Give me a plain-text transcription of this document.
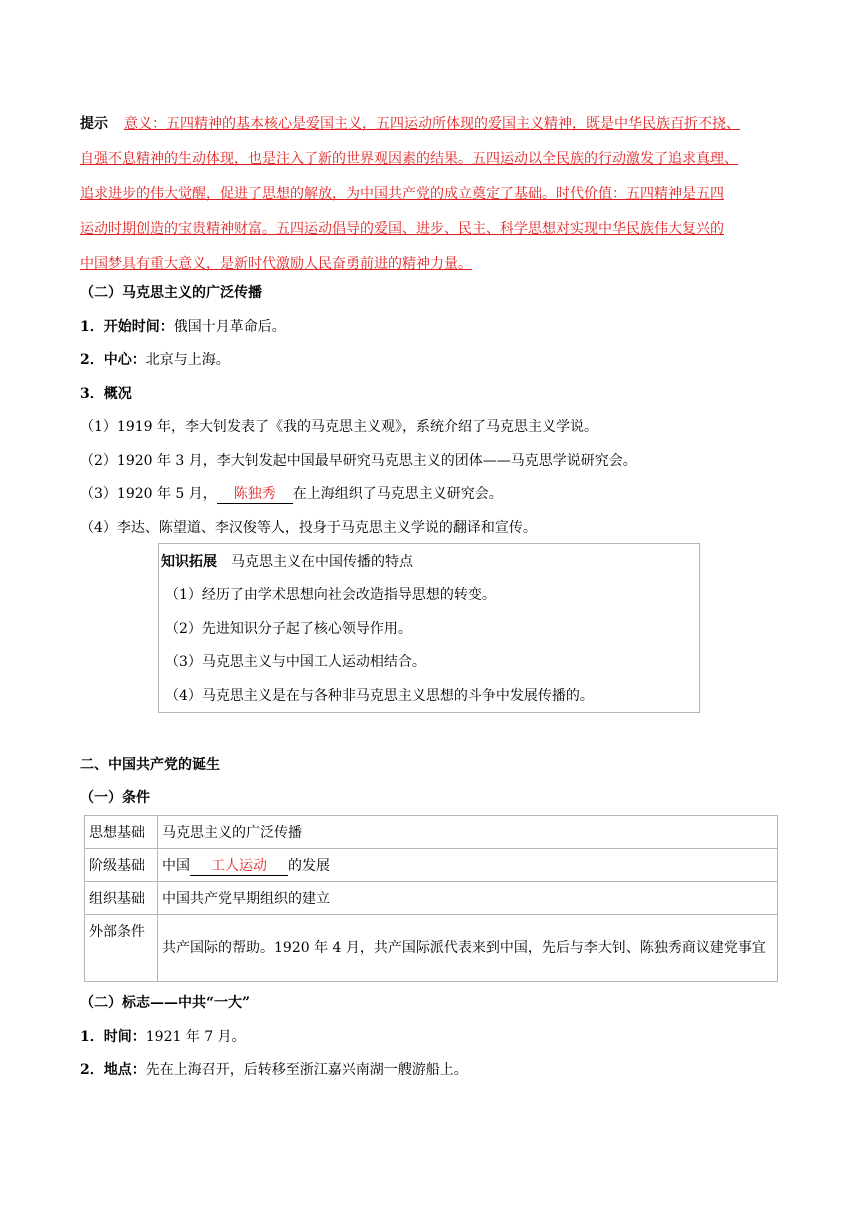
提示 意义：五四精神的基本核心是爱国主义，五四运动所体现的爱国主义精神，既是中华民族百折不挠、
自强不息精神的生动体现，也是注入了新的世界观因素的结果。五四运动以全民族的行动激发了追求真理、
追求进步的伟大觉醒，促进了思想的解放，为中国共产党的成立奠定了基础。时代价值：五四精神是五四
运动时期创造的宝贵精神财富。五四运动倡导的爱国、进步、民主、科学思想对实现中华民族伟大复兴的
中国梦具有重大意义，是新时代激励人民奋勇前进的精神力量。
（二）马克思主义的广泛传播
1．开始时间：俄国十月革命后。
2．中心：北京与上海。
3．概况
（1）1919 年，李大钊发表了《我的马克思主义观》，系统介绍了马克思主义学说。
（2）1920 年 3 月，李大钊发起中国最早研究马克思主义的团体——马克思学说研究会。
（3）1920 年 5 月， 陈独秀 在上海组织了马克思主义研究会。
（4）李达、陈望道、李汉俊等人，投身于马克思主义学说的翻译和宣传。
知识拓展 马克思主义在中国传播的特点
（1）经历了由学术思想向社会改造指导思想的转变。
（2）先进知识分子起了核心领导作用。
（3）马克思主义与中国工人运动相结合。
（4）马克思主义是在与各种非马克思主义思想的斗争中发展传播的。
二、中国共产党的诞生
（一）条件
思想基础	马克思主义的广泛传播
阶级基础	中国 工人运动 的发展
组织基础	中国共产党早期组织的建立
外部条件	共产国际的帮助。1920 年 4 月，共产国际派代表来到中国，先后与李大钊、陈独秀商议建党事宜
（二）标志——中共“一大”
1．时间：1921 年 7 月。
2．地点：先在上海召开，后转移至浙江嘉兴南湖一艘游船上。
